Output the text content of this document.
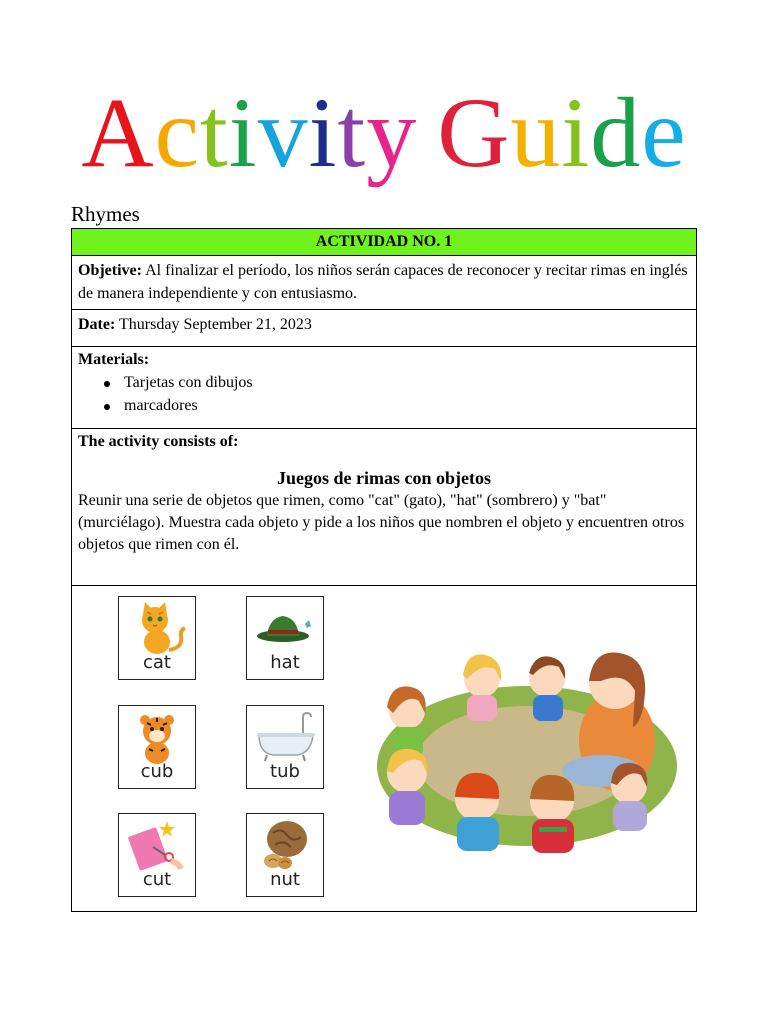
Activity Guide
Rhymes
ACTIVIDAD NO. 1
Objetive: Al finalizar el período, los niños serán capaces de reconocer y recitar rimas en inglés de manera independiente y con entusiasmo.
Date: Thursday September 21, 2023
Materials:
Tarjetas con dibujos
marcadores
The activity consists of:
Juegos de rimas con objetos
Reunir una serie de objetos que rimen, como "cat" (gato), "hat" (sombrero) y "bat" (murciélago). Muestra cada objeto y pide a los niños que nombren el objeto y encuentren otros objetos que rimen con él.
cat	hat
cub	tub
cut	nut
